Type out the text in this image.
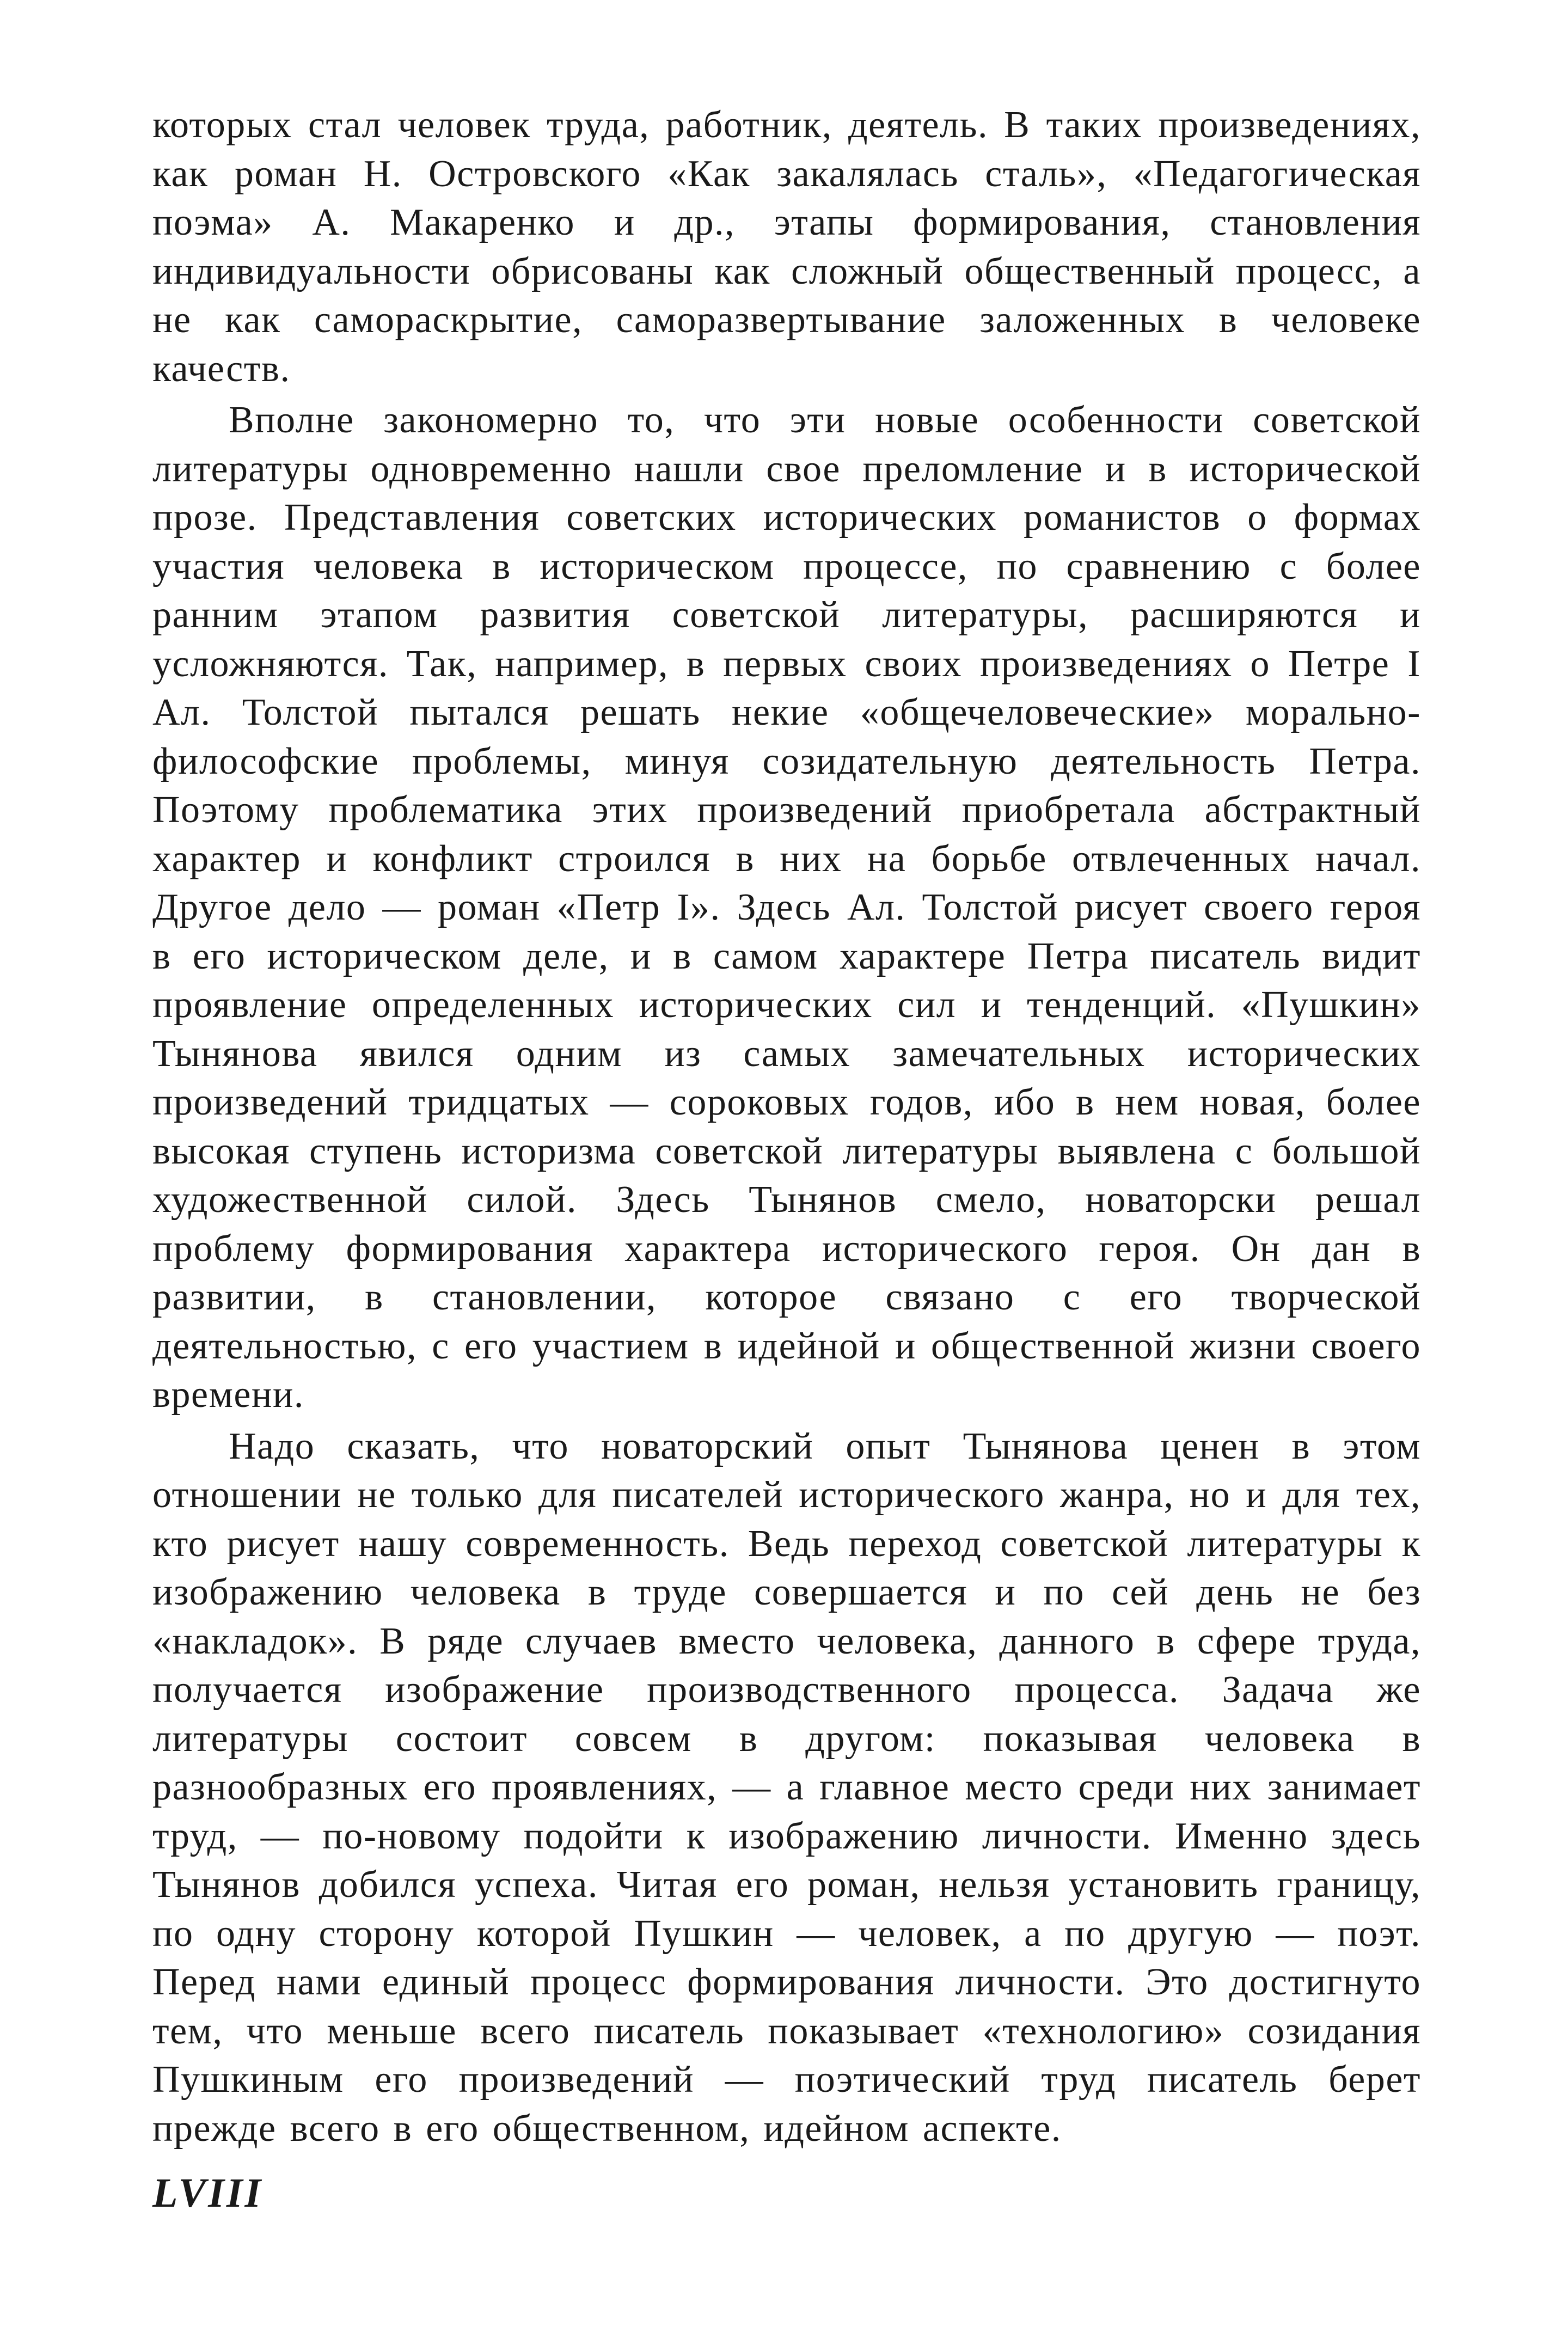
которых стал человек труда, работник, деятель. В таких произведениях, как роман Н. Островского «Как закалялась сталь», «Педагогическая поэма» А. Макаренко и др., этапы формирования, становления индивидуальности обрисованы как сложный общественный процесс, а не как самораскрытие, саморазвертывание заложенных в человеке качеств.

Вполне закономерно то, что эти новые особенности советской литературы одновременно нашли свое преломление и в исторической прозе. Представления советских исторических романистов о формах участия человека в историческом процессе, по сравнению с более ранним этапом развития советской литературы, расширяются и усложняются. Так, например, в первых своих произведениях о Петре I Ал. Толстой пытался решать некие «общечеловеческие» морально-философские проблемы, минуя созидательную деятельность Петра. Поэтому проблематика этих произведений приобретала абстрактный характер и конфликт строился в них на борьбе отвлеченных начал. Другое дело — роман «Петр I». Здесь Ал. Толстой рисует своего героя в его историческом деле, и в самом характере Петра писатель видит проявление определенных исторических сил и тенденций. «Пушкин» Тынянова явился одним из самых замечательных исторических произведений тридцатых — сороковых годов, ибо в нем новая, более высокая ступень историзма советской литературы выявлена с большой художественной силой. Здесь Тынянов смело, новаторски решал проблему формирования характера исторического героя. Он дан в развитии, в становлении, которое связано с его творческой деятельностью, с его участием в идейной и общественной жизни своего времени.

Надо сказать, что новаторский опыт Тынянова ценен в этом отношении не только для писателей исторического жанра, но и для тех, кто рисует нашу современность. Ведь переход советской литературы к изображению человека в труде совершается и по сей день не без «накладок». В ряде случаев вместо человека, данного в сфере труда, получается изображение производственного процесса. Задача же литературы состоит совсем в другом: показывая человека в разнообразных его проявлениях, — а главное место среди них занимает труд, — по-новому подойти к изображению личности. Именно здесь Тынянов добился успеха. Читая его роман, нельзя установить границу, по одну сторону которой Пушкин — человек, а по другую — поэт. Перед нами единый процесс формирования личности. Это достигнуто тем, что меньше всего писатель показывает «технологию» созидания Пушкиным его произведений — поэтический труд писатель берет прежде всего в его общественном, идейном аспекте.

LVIII
